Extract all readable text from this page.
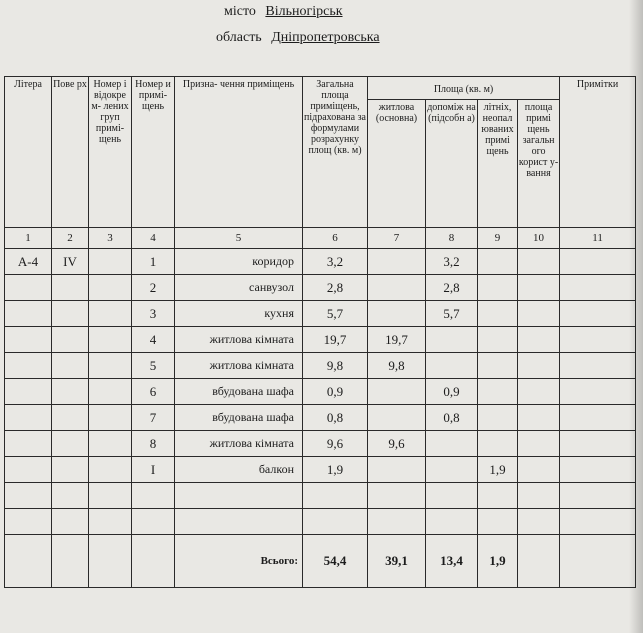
місто Вільногірськ
область Дніпропетровська
Літера	Пове рх	Номер і відокре м- лених груп примі- щень	Номер и примі- щень	Призна- чення приміщень	Загальна площа приміщень, підрахована за формулами розрахунку площ (кв. м)	Площа (кв. м)				Примітки
						житлова (основна)	допоміж на (підсобн а)	літніх, неопал юваних примі щень	площа примі щень загальн ого корист у- вання	
1	2	3	4	5	6	7	8	9	10	11
А-4	IV		1	коридор	3,2		3,2			
			2	санвузол	2,8		2,8			
			3	кухня	5,7		5,7			
			4	житлова кімната	19,7	19,7				
			5	житлова кімната	9,8	9,8				
			6	вбудована шафа	0,9		0,9			
			7	вбудована шафа	0,8		0,8			
			8	житлова кімната	9,6	9,6				
			I	балкон	1,9			1,9		

				Всього:	54,4	39,1	13,4	1,9		
